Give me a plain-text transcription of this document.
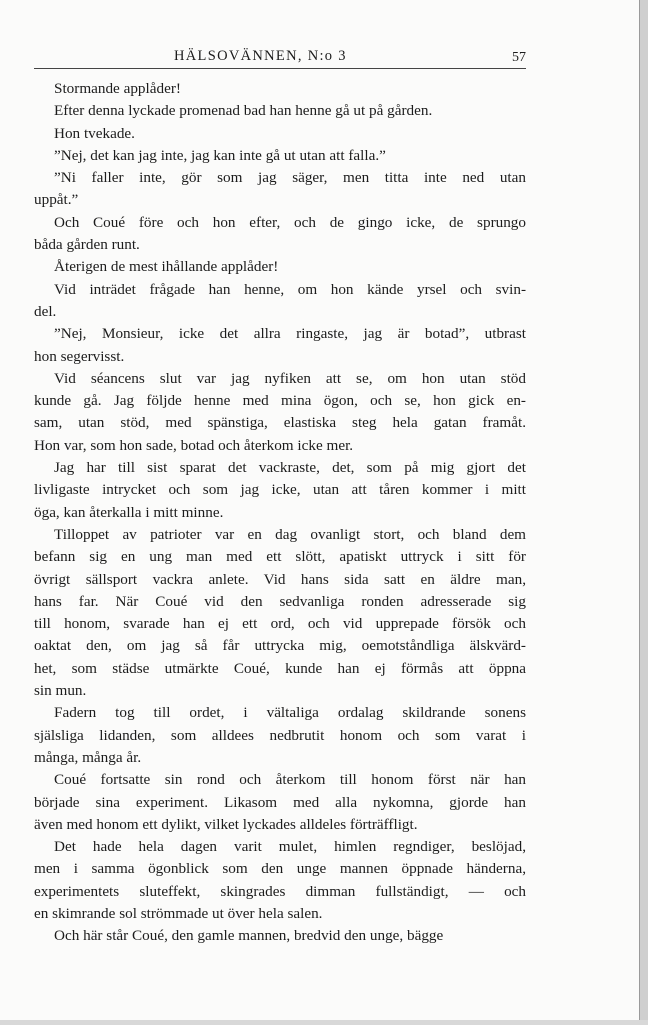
HÄLSOVÄNNEN, N:o 3	57

Stormande applåder!

Efter denna lyckade promenad bad han henne gå ut på gården.

Hon tvekade.

”Nej, det kan jag inte, jag kan inte gå ut utan att falla.”

”Ni faller inte, gör som jag säger, men titta inte ned utan
uppåt.”

Och Coué före och hon efter, och de gingo icke, de sprungo
båda gården runt.

Återigen de mest ihållande applåder!

Vid inträdet frågade han henne, om hon kände yrsel och svin-
del.

”Nej, Monsieur, icke det allra ringaste, jag är botad”, utbrast
hon segervisst.

Vid séancens slut var jag nyfiken att se, om hon utan stöd
kunde gå. Jag följde henne med mina ögon, och se, hon gick en-
sam, utan stöd, med spänstiga, elastiska steg hela gatan framåt.
Hon var, som hon sade, botad och återkom icke mer.

Jag har till sist sparat det vackraste, det, som på mig gjort det
livligaste intrycket och som jag icke, utan att tåren kommer i mitt
öga, kan återkalla i mitt minne.

Tilloppet av patrioter var en dag ovanligt stort, och bland dem
befann sig en ung man med ett slött, apatiskt uttryck i sitt för
övrigt sällsport vackra anlete. Vid hans sida satt en äldre man,
hans far. När Coué vid den sedvanliga ronden adresserade sig
till honom, svarade han ej ett ord, och vid upprepade försök och
oaktat den, om jag så får uttrycka mig, oemotståndliga älskvärd-
het, som städse utmärkte Coué, kunde han ej förmås att öppna
sin mun.

Fadern tog till ordet, i vältaliga ordalag skildrande sonens
själsliga lidanden, som alldees nedbrutit honom och som varat i
många, många år.

Coué fortsatte sin rond och återkom till honom först när han
började sina experiment. Likasom med alla nykomna, gjorde han
även med honom ett dylikt, vilket lyckades alldeles förträffligt.

Det hade hela dagen varit mulet, himlen regndiger, beslöjad,
men i samma ögonblick som den unge mannen öppnade händerna,
experimentets sluteffekt, skingrades dimman fullständigt, — och
en skimrande sol strömmade ut över hela salen.

Och här står Coué, den gamle mannen, bredvid den unge, bägge
